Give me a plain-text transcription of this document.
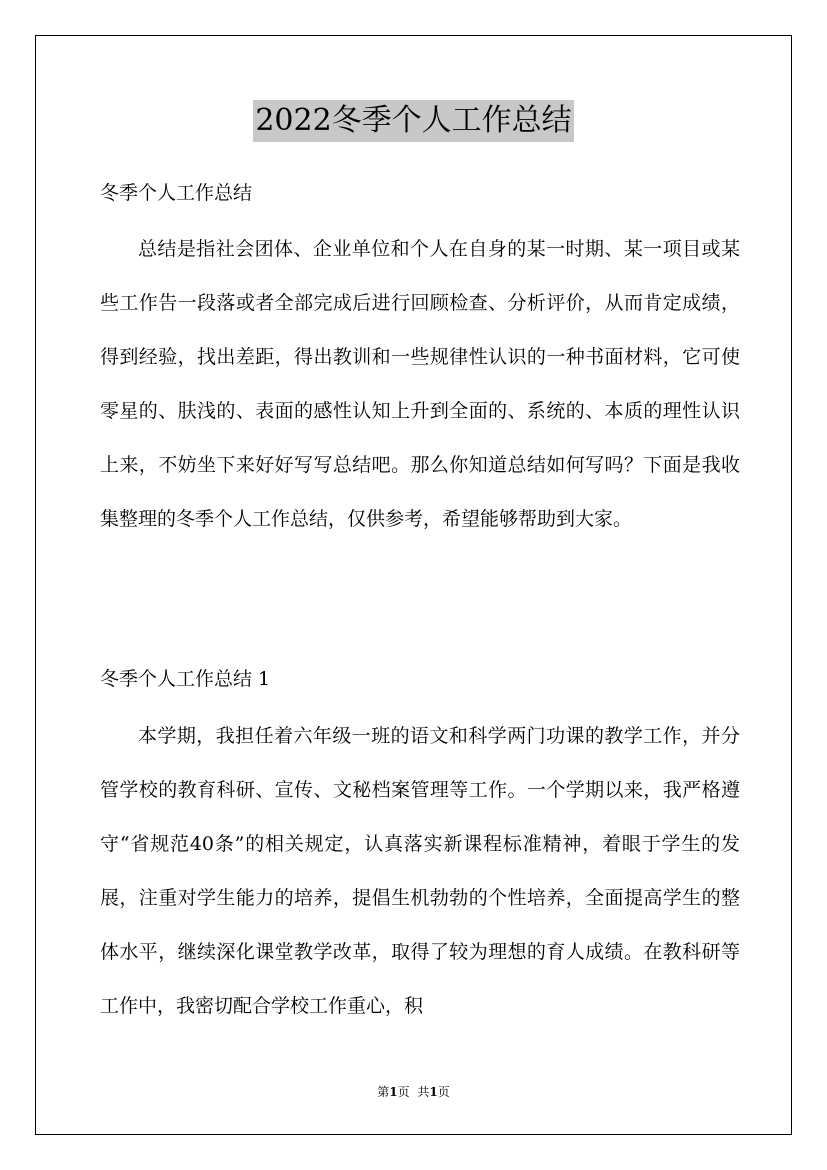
2022冬季个人工作总结
冬季个人工作总结
总结是指社会团体、企业单位和个人在自身的某一时期、某一项目或某些工作告一段落或者全部完成后进行回顾检查、分析评价，从而肯定成绩，得到经验，找出差距，得出教训和一些规律性认识的一种书面材料，它可使零星的、肤浅的、表面的感性认知上升到全面的、系统的、本质的理性认识上来，不妨坐下来好好写写总结吧。那么你知道总结如何写吗？下面是我收集整理的冬季个人工作总结，仅供参考，希望能够帮助到大家。
冬季个人工作总结 1
本学期，我担任着六年级一班的语文和科学两门功课的教学工作，并分管学校的教育科研、宣传、文秘档案管理等工作。一个学期以来，我严格遵守“省规范40条”的相关规定，认真落实新课程标准精神，着眼于学生的发展，注重对学生能力的培养，提倡生机勃勃的个性培养，全面提高学生的整体水平，继续深化课堂教学改革，取得了较为理想的育人成绩。在教科研等工作中，我密切配合学校工作重心，积
第1页 共1页
